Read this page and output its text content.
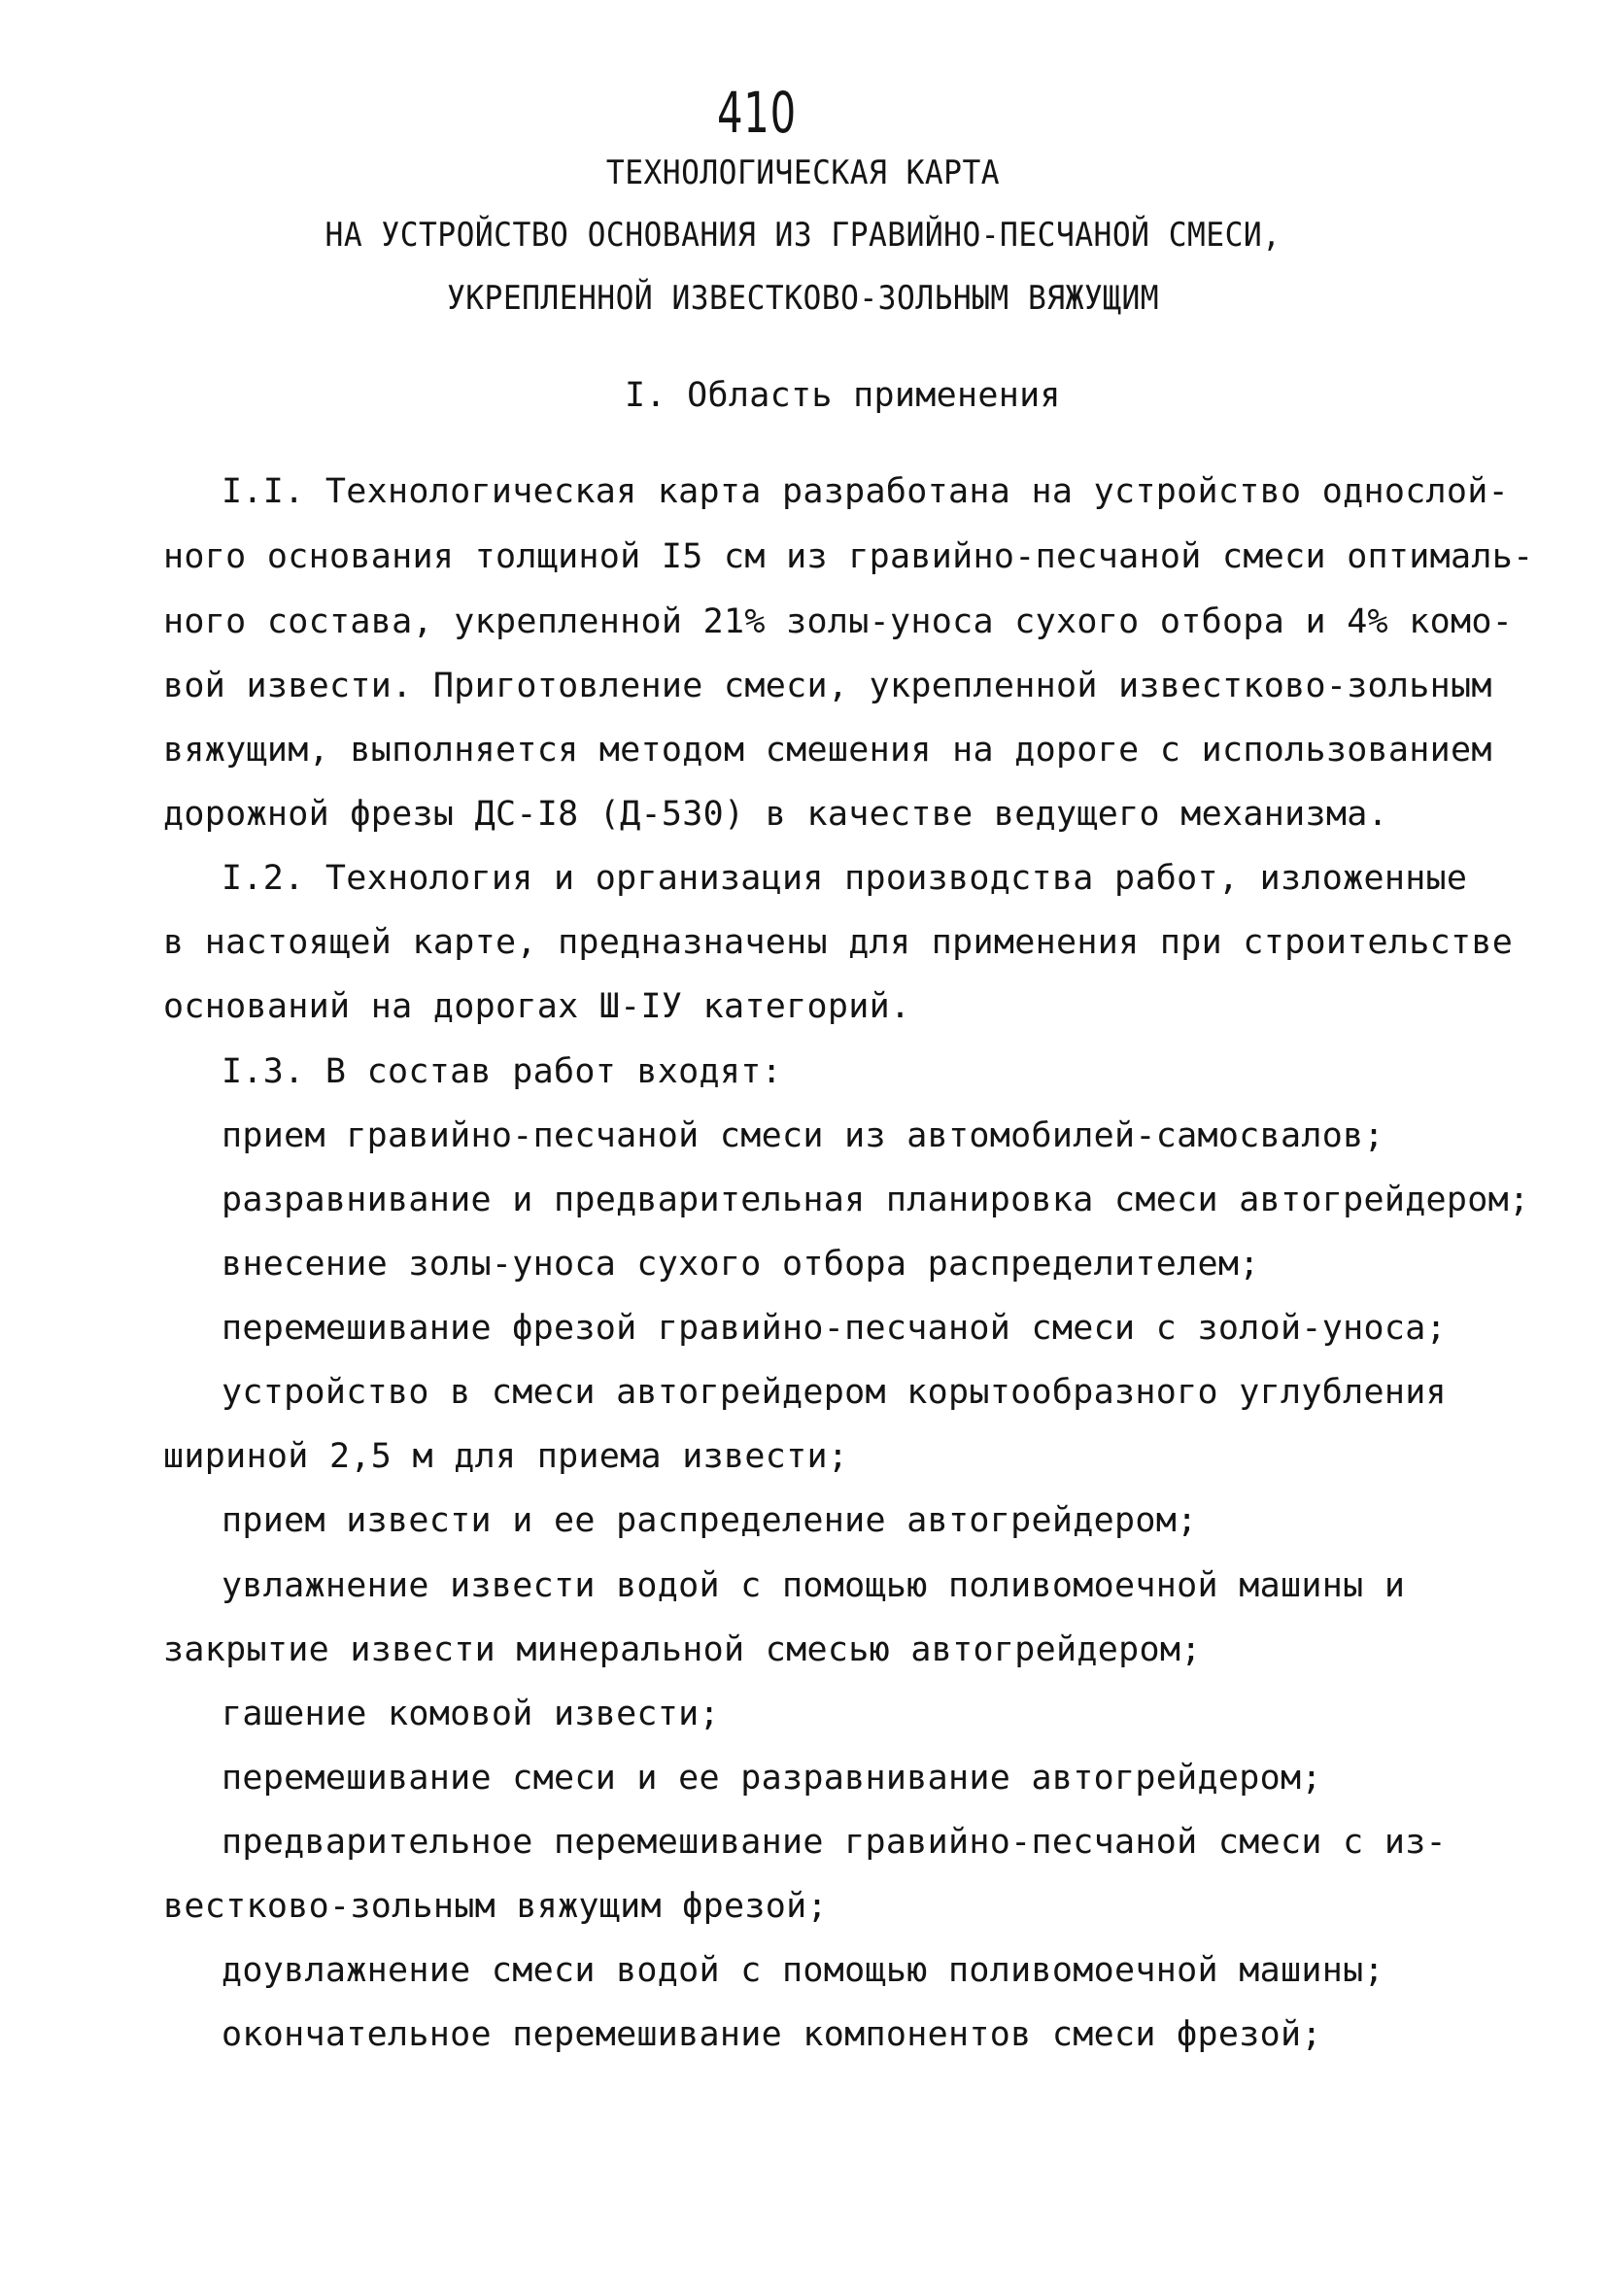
410
ТЕХНОЛОГИЧЕСКАЯ КАРТА
НА УСТРОЙСТВО ОСНОВАНИЯ ИЗ ГРАВИЙНО-ПЕСЧАНОЙ СМЕСИ,
УКРЕПЛЕННОЙ ИЗВЕСТКОВО-ЗОЛЬНЫМ ВЯЖУЩИМ
I. Область применения
I.I. Технологическая карта разработана на устройство однослой-
ного основания толщиной I5 см из гравийно-песчаной смеси оптималь-
ного состава, укрепленной 21% золы-уноса сухого отбора и 4% комо-
вой извести. Приготовление смеси, укрепленной известково-зольным
вяжущим, выполняется методом смешения на дороге с использованием
дорожной фрезы ДС-I8 (Д-530) в качестве ведущего механизма.
I.2. Технология и организация производства работ, изложенные
в настоящей карте, предназначены для применения при строительстве
оснований на дорогах Ш-IУ категорий.
I.3. В состав работ входят:
прием гравийно-песчаной смеси из автомобилей-самосвалов;
разравнивание и предварительная планировка смеси автогрейдером;
внесение золы-уноса сухого отбора распределителем;
перемешивание фрезой гравийно-песчаной смеси с золой-уноса;
устройство в смеси автогрейдером корытообразного углубления
шириной 2,5 м для приема извести;
прием извести и ее распределение автогрейдером;
увлажнение извести водой с помощью поливомоечной машины и
закрытие извести минеральной смесью автогрейдером;
гашение комовой извести;
перемешивание смеси и ее разравнивание автогрейдером;
предварительное перемешивание гравийно-песчаной смеси с из-
вестково-зольным вяжущим фрезой;
доувлажнение смеси водой с помощью поливомоечной машины;
окончательное перемешивание компонентов смеси фрезой;
